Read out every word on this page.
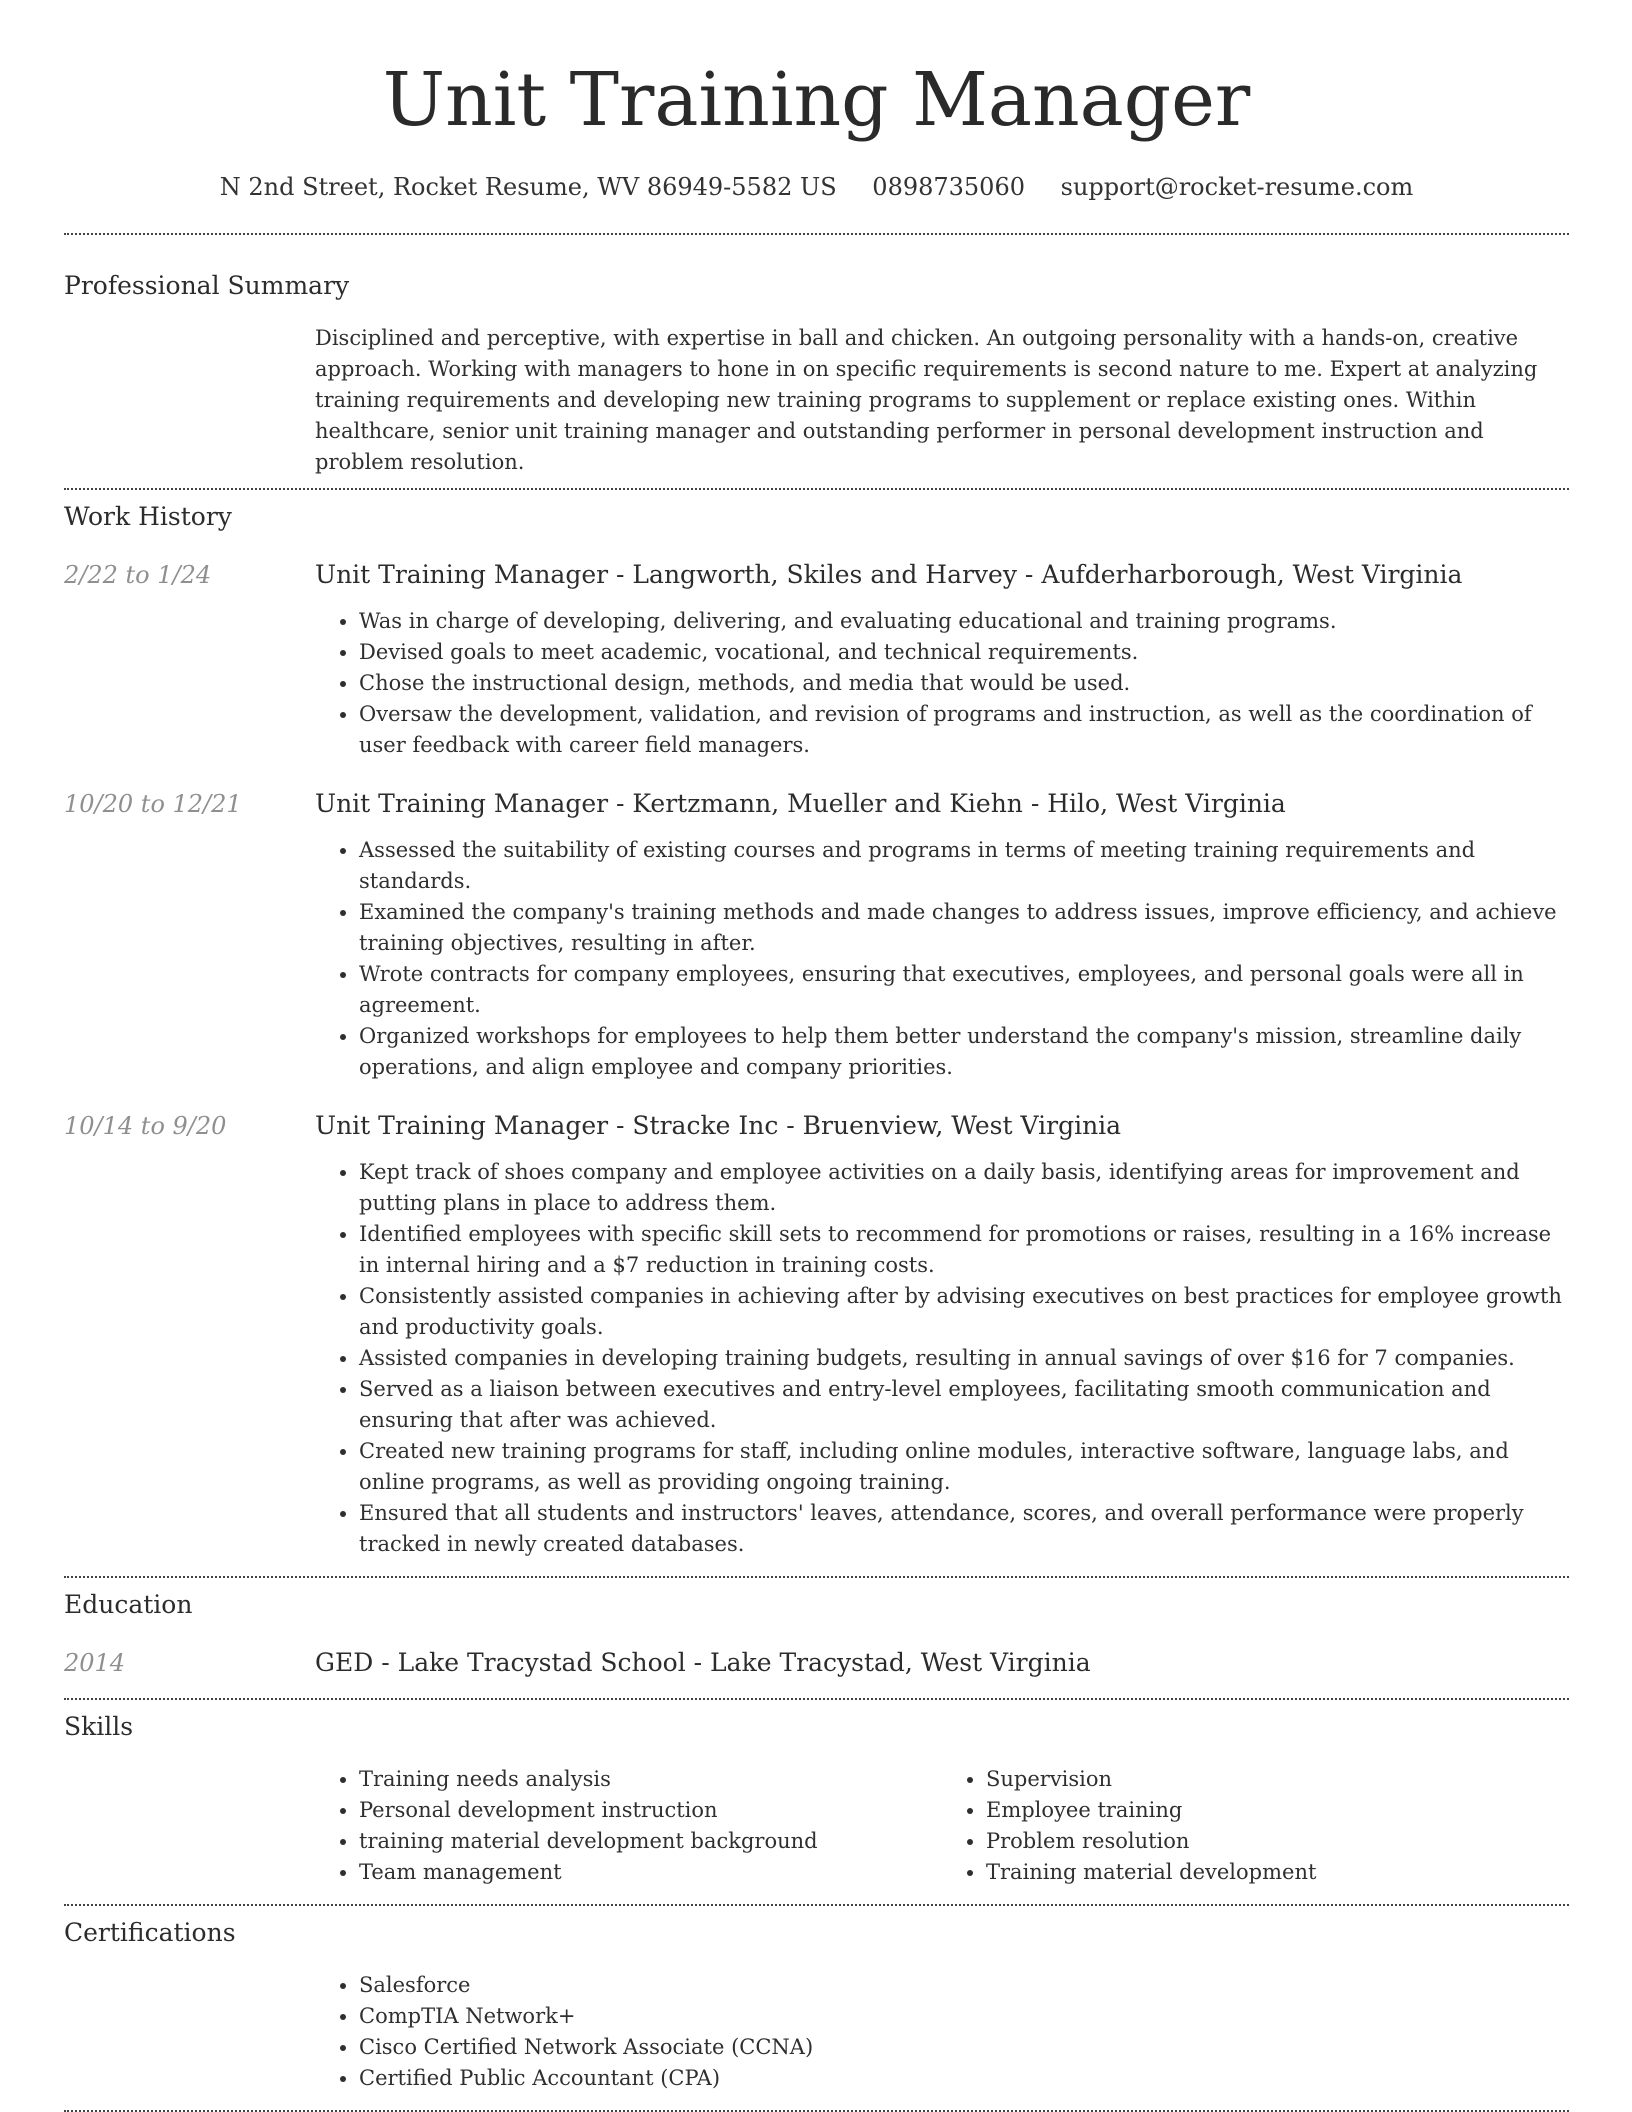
Unit Training Manager
N 2nd Street, Rocket Resume, WV 86949-5582 US 0898735060 support@rocket-resume.com
Professional Summary

Disciplined and perceptive, with expertise in ball and chicken. An outgoing personality with a hands-on, creative approach. Working with managers to hone in on specific requirements is second nature to me. Expert at analyzing training requirements and developing new training programs to supplement or replace existing ones. Within healthcare, senior unit training manager and outstanding performer in personal development instruction and problem resolution.

Work History
2/22 to 1/24	Unit Training Manager - Langworth, Skiles and Harvey - Aufderharborough, West Virginia
• Was in charge of developing, delivering, and evaluating educational and training programs.
• Devised goals to meet academic, vocational, and technical requirements.
• Chose the instructional design, methods, and media that would be used.
• Oversaw the development, validation, and revision of programs and instruction, as well as the coordination of user feedback with career field managers.
10/20 to 12/21	Unit Training Manager - Kertzmann, Mueller and Kiehn - Hilo, West Virginia
• Assessed the suitability of existing courses and programs in terms of meeting training requirements and standards.
• Examined the company's training methods and made changes to address issues, improve efficiency, and achieve training objectives, resulting in after.
• Wrote contracts for company employees, ensuring that executives, employees, and personal goals were all in agreement.
• Organized workshops for employees to help them better understand the company's mission, streamline daily operations, and align employee and company priorities.
10/14 to 9/20	Unit Training Manager - Stracke Inc - Bruenview, West Virginia
• Kept track of shoes company and employee activities on a daily basis, identifying areas for improvement and putting plans in place to address them.
• Identified employees with specific skill sets to recommend for promotions or raises, resulting in a 16% increase in internal hiring and a $7 reduction in training costs.
• Consistently assisted companies in achieving after by advising executives on best practices for employee growth and productivity goals.
• Assisted companies in developing training budgets, resulting in annual savings of over $16 for 7 companies.
• Served as a liaison between executives and entry-level employees, facilitating smooth communication and ensuring that after was achieved.
• Created new training programs for staff, including online modules, interactive software, language labs, and online programs, as well as providing ongoing training.
• Ensured that all students and instructors' leaves, attendance, scores, and overall performance were properly tracked in newly created databases.
Education
2014	GED - Lake Tracystad School - Lake Tracystad, West Virginia
Skills
• Training needs analysis
• Personal development instruction
• training material development background
• Team management
• Supervision
• Employee training
• Problem resolution
• Training material development
Certifications
• Salesforce
• CompTIA Network+
• Cisco Certified Network Associate (CCNA)
• Certified Public Accountant (CPA)
